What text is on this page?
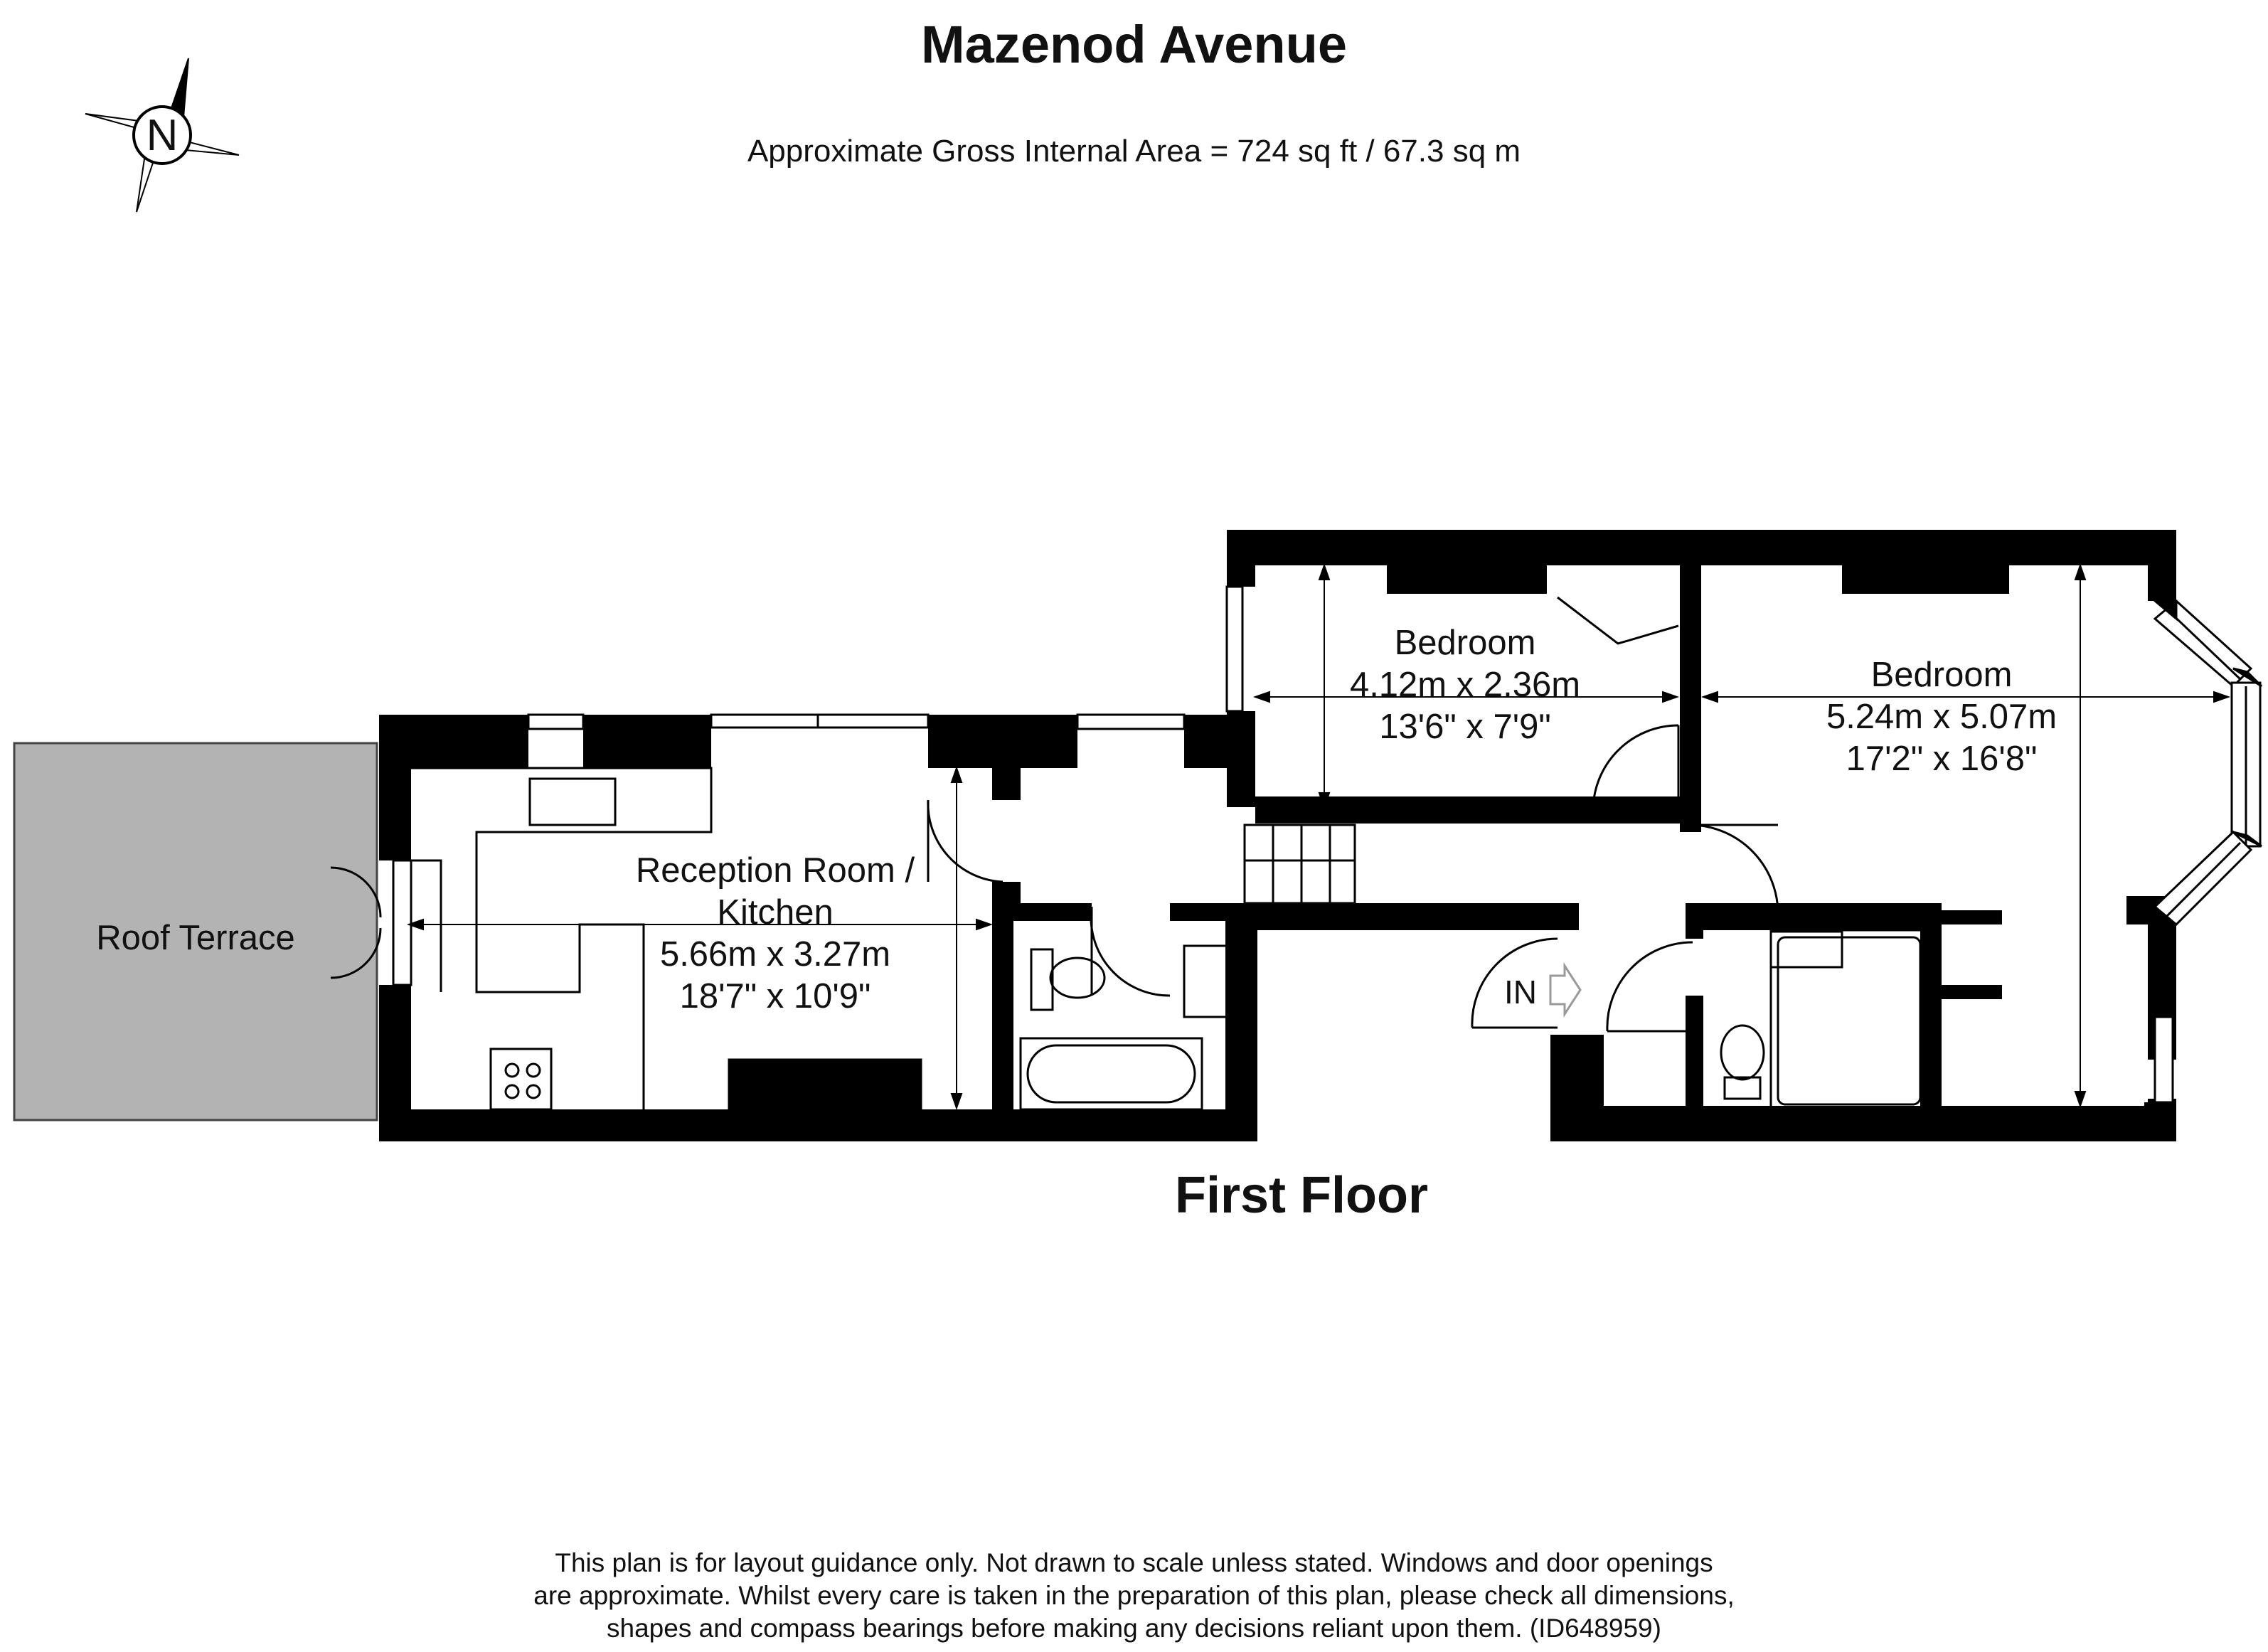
Mazenod Avenue
Approximate Gross Internal Area = 724 sq ft / 67.3 sq m
N
Roof Terrace
Reception Room /
Kitchen
5.66m x 3.27m
18'7" x 10'9"
Bedroom
4.12m x 2.36m
13'6" x 7'9"
Bedroom
5.24m x 5.07m
17'2" x 16'8"
IN
First Floor
This plan is for layout guidance only. Not drawn to scale unless stated. Windows and door openings
are approximate. Whilst every care is taken in the preparation of this plan, please check all dimensions,
shapes and compass bearings before making any decisions reliant upon them. (ID648959)
